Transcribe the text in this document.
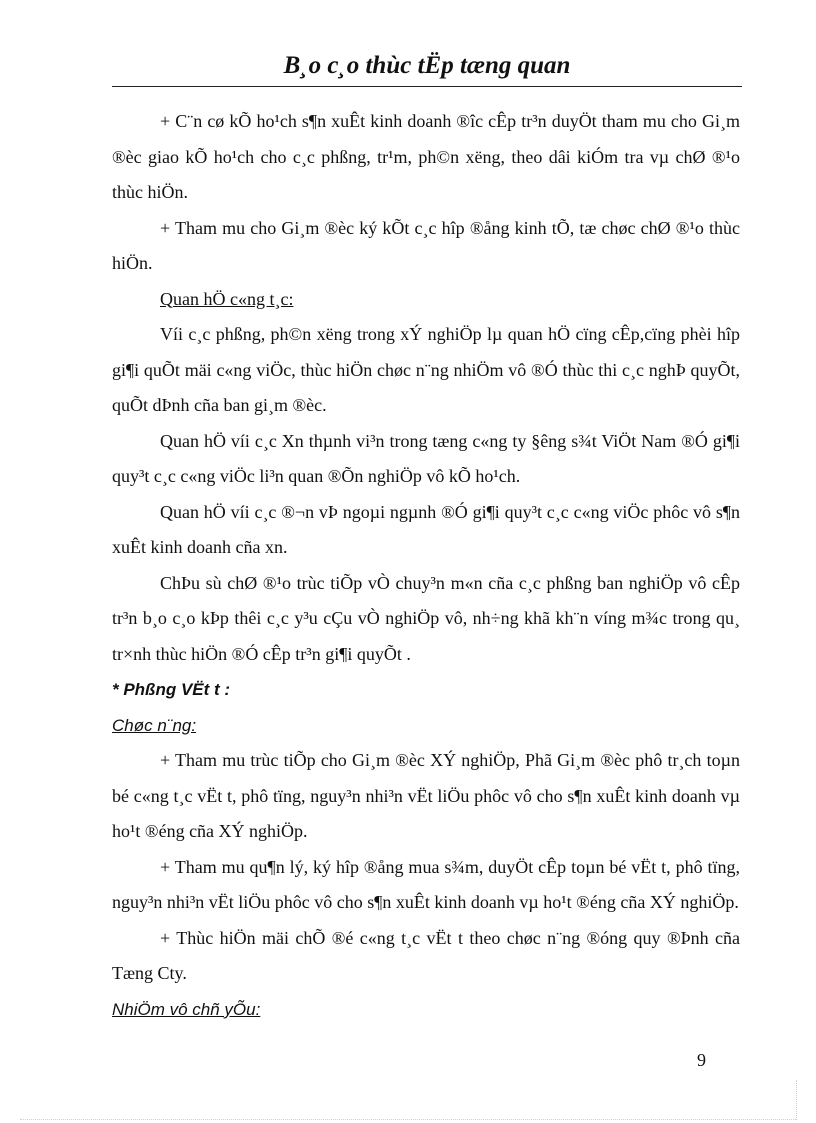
B¸o c¸o thùc tËp tæng quan

+ C¨n cø kÕ ho¹ch s¶n xuÊt kinh doanh ®îc cÊp tr³n duyÖt tham mu cho Gi¸m ®èc giao kÕ ho¹ch cho c¸c phßng, tr¹m, ph©n xëng, theo dâi kiÓm tra vµ chØ ®¹o thùc hiÖn.

+ Tham mu cho Gi¸m ®èc ký kÕt c¸c hîp ®ång kinh tÕ, tæ chøc chØ ®¹o thùc hiÖn.

Quan hÖ c«ng t¸c:

Víi c¸c phßng, ph©n xëng trong xÝ nghiÖp lµ quan hÖ cïng cÊp,cïng phèi hîp gi¶i quÕt mäi c«ng viÖc, thùc hiÖn chøc n¨ng nhiÖm vô ®Ó thùc thi c¸c nghÞ quyÕt, quÕt dÞnh cña ban gi¸m ®èc.

Quan hÖ víi c¸c Xn thµnh vi³n trong tæng c«ng ty §êng s¾t ViÖt Nam ®Ó gi¶i quy³t c¸c c«ng viÖc li³n quan ®Õn nghiÖp vô kÕ ho¹ch.

Quan hÖ víi c¸c ®¬n vÞ ngoµi ngµnh ®Ó gi¶i quy³t c¸c c«ng viÖc phôc vô s¶n xuÊt kinh doanh cña xn.

ChÞu sù chØ ®¹o trùc tiÕp vÒ chuy³n m«n cña c¸c phßng ban nghiÖp vô cÊp tr³n b¸o c¸o kÞp thêi c¸c y³u cÇu vÒ nghiÖp vô, nh÷ng khã kh¨n víng m¾c trong qu¸ tr×nh thùc hiÖn ®Ó cÊp tr³n gi¶i quyÕt .

* Phßng VËt t :

Chøc n¨ng:

+ Tham mu trùc tiÕp cho Gi¸m ®èc XÝ nghiÖp, Phã Gi¸m ®èc phô tr¸ch toµn bé c«ng t¸c vËt t, phô tïng, nguy³n nhi³n vËt liÖu phôc vô cho s¶n xuÊt kinh doanh vµ ho¹t ®éng cña XÝ nghiÖp.

+ Tham mu qu¶n lý, ký hîp ®ång mua s¾m, duyÖt cÊp toµn bé vËt t, phô tïng, nguy³n nhi³n vËt liÖu phôc vô cho s¶n xuÊt kinh doanh vµ ho¹t ®éng cña XÝ nghiÖp.

+ Thùc hiÖn mäi chÕ ®é c«ng t¸c vËt t theo chøc n¨ng ®óng quy ®Þnh cña Tæng Cty.

NhiÖm vô chñ yÕu:

9
